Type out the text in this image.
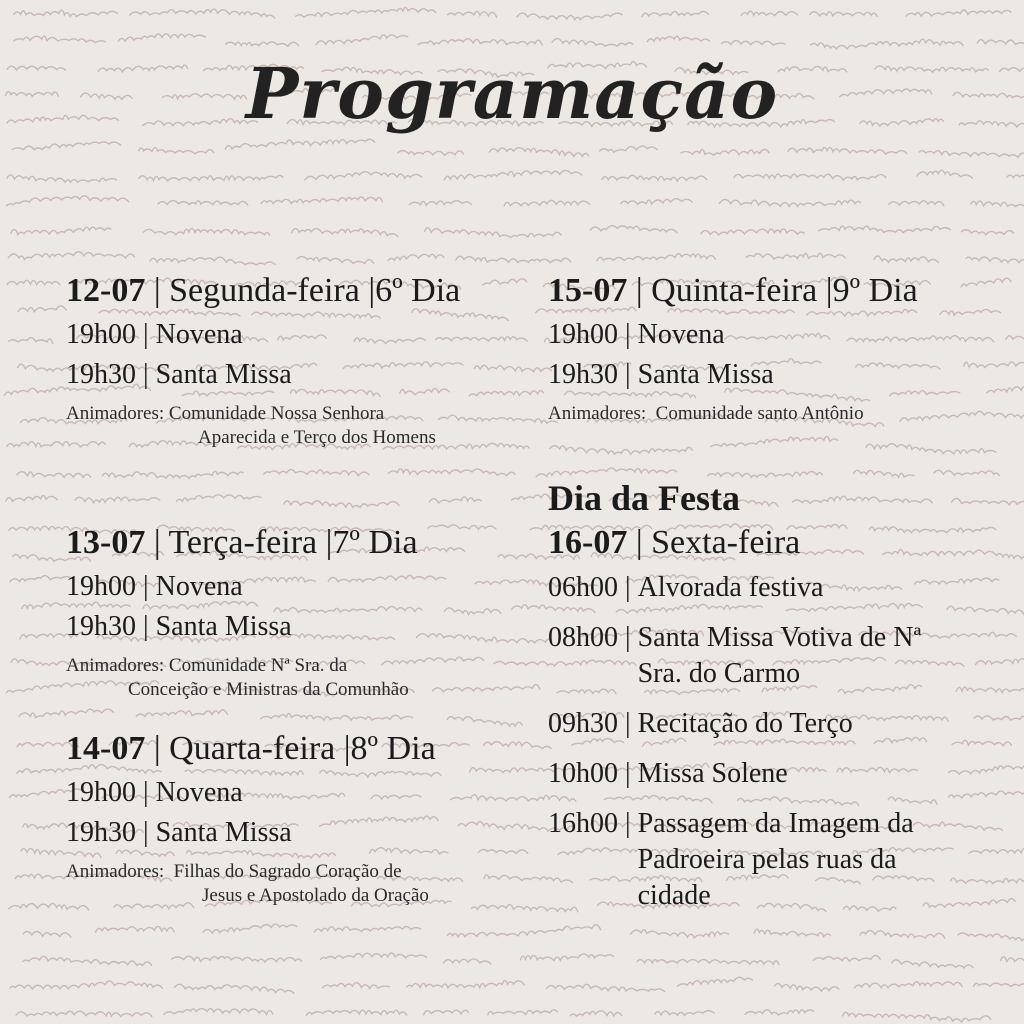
Programação
12-07 | Segunda-feira |6º Dia
19h00 | Novena
19h30 | Santa Missa
Animadores: Comunidade Nossa Senhora
Aparecida e Terço dos Homens
13-07 | Terça-feira |7º Dia
19h00 | Novena
19h30 | Santa Missa
Animadores: Comunidade Nª Sra. da
Conceição e Ministras da Comunhão
14-07 | Quarta-feira |8º Dia
19h00 | Novena
19h30 | Santa Missa
Animadores: Filhas do Sagrado Coração de
Jesus e Apostolado da Oração
15-07 | Quinta-feira |9º Dia
19h00 | Novena
19h30 | Santa Missa
Animadores: Comunidade santo Antônio
Dia da Festa
16-07 | Sexta-feira
06h00 | Alvorada festiva
08h00 | Santa Missa Votiva de Nª Sra. do Carmo
09h30 | Recitação do Terço
10h00 | Missa Solene
16h00 | Passagem da Imagem da Padroeira pelas ruas da cidade
